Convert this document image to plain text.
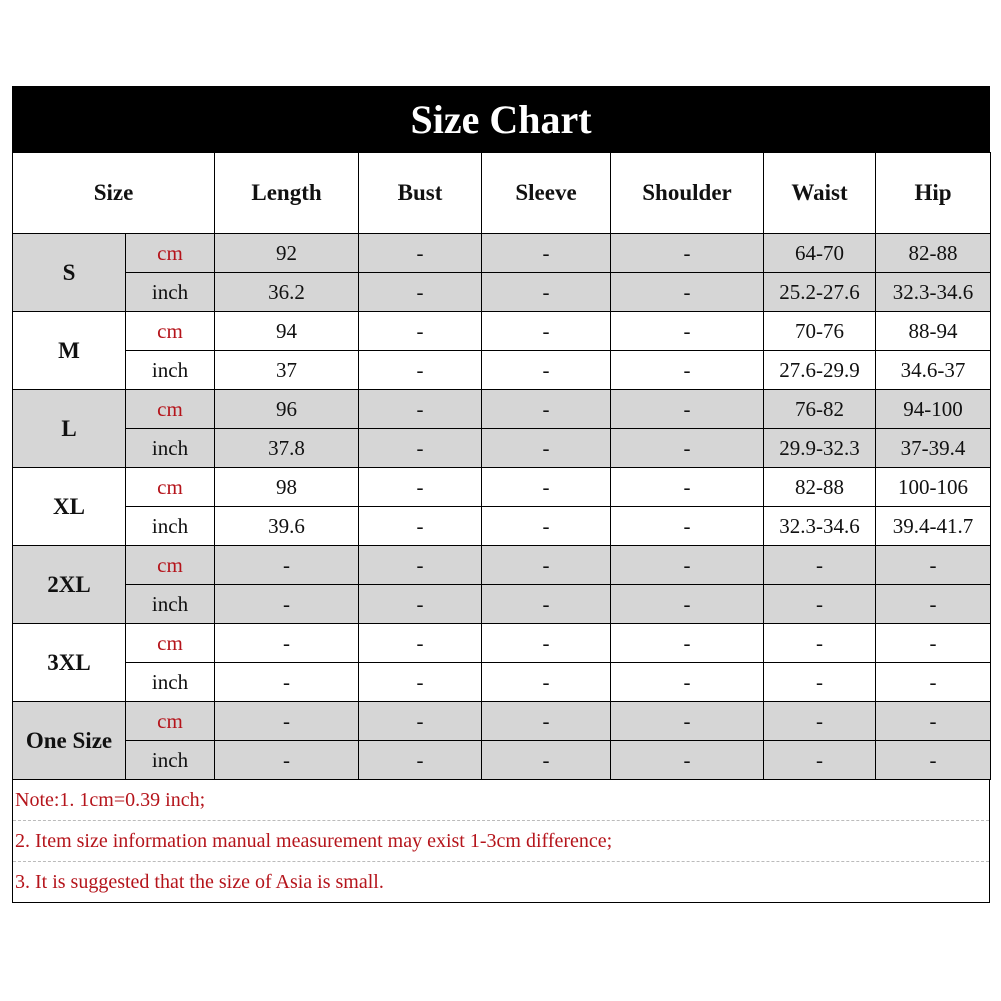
Size Chart
Size		Length	Bust	Sleeve	Shoulder	Waist	Hip
S	cm	92	-	-	-	64-70	82-88
	inch	36.2	-	-	-	25.2-27.6	32.3-34.6
M	cm	94	-	-	-	70-76	88-94
	inch	37	-	-	-	27.6-29.9	34.6-37
L	cm	96	-	-	-	76-82	94-100
	inch	37.8	-	-	-	29.9-32.3	37-39.4
XL	cm	98	-	-	-	82-88	100-106
	inch	39.6	-	-	-	32.3-34.6	39.4-41.7
2XL	cm	-	-	-	-	-	-
	inch	-	-	-	-	-	-
3XL	cm	-	-	-	-	-	-
	inch	-	-	-	-	-	-
One Size	cm	-	-	-	-	-	-
	inch	-	-	-	-	-	-
Note:1. 1cm=0.39 inch;
2. Item size information manual measurement may exist 1-3cm difference;
3. It is suggested that the size of Asia is small.
